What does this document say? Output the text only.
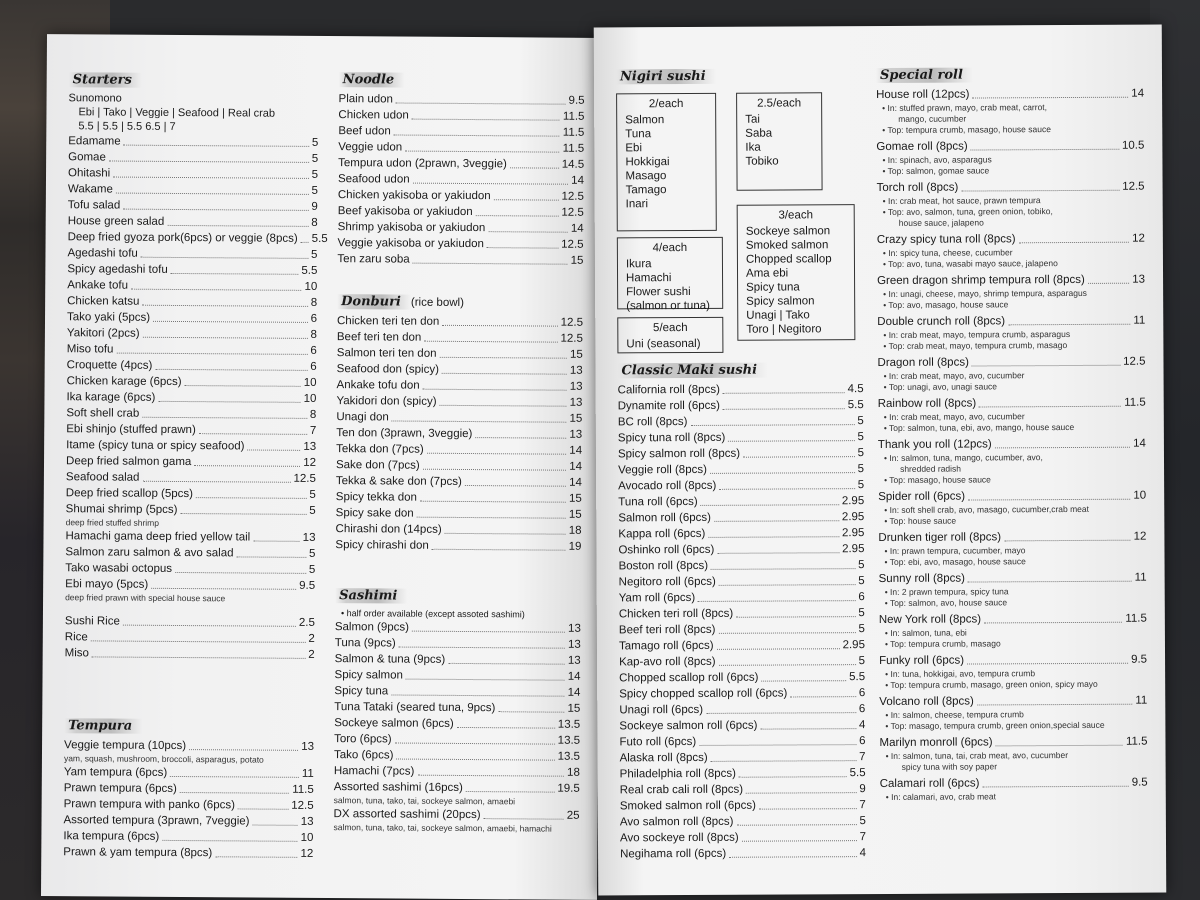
Starters
Sunomono
Ebi | Tako | Veggie | Seafood | Real crab
5.5 | 5.5 | 5.5 6.5 | 7
Edamame	5
Gomae	5
Ohitashi	5
Wakame	5
Tofu salad	9
House green salad	8
Deep fried gyoza pork(6pcs) or veggie (8pcs) 5.5
Agedashi tofu	5
Spicy agedashi tofu	5.5
Ankake tofu	10
Chicken katsu	8
Tako yaki (5pcs)	6
Yakitori (2pcs)	8
Miso tofu	6
Croquette (4pcs)	6
Chicken karage (6pcs)	10
Ika karage (6pcs)	10
Soft shell crab	8
Ebi shinjo (stuffed prawn)	7
Itame (spicy tuna or spicy seafood)	13
Deep fried salmon gama	12
Seafood salad	12.5
Deep fried scallop (5pcs)	5
Shumai shrimp (5pcs)	5
deep fried stuffed shrimp
Hamachi gama deep fried yellow tail	13
Salmon zaru salmon & avo salad	5
Tako wasabi octopus	5
Ebi mayo (5pcs)	9.5
deep fried prawn with special house sauce
Sushi Rice	2.5
Rice	2
Miso	2
Tempura
Veggie tempura (10pcs)	13
yam, squash, mushroom, broccoli, asparagus, potato
Yam tempura (6pcs)	11
Prawn tempura (6pcs)	11.5
Prawn tempura with panko (6pcs)	12.5
Assorted tempura (3prawn, 7veggie)	13
Ika tempura (6pcs)	10
Prawn & yam tempura (8pcs)	12
Noodle
Plain udon	9.5
Chicken udon	11.5
Beef udon	11.5
Veggie udon	11.5
Tempura udon (2prawn, 3veggie)	14.5
Seafood udon	14
Chicken yakisoba or yakiudon	12.5
Beef yakisoba or yakiudon	12.5
Shrimp yakisoba or yakiudon	14
Veggie yakisoba or yakiudon	12.5
Ten zaru soba	15
Donburi (rice bowl)
Chicken teri ten don	12.5
Beef teri ten don	12.5
Salmon teri ten don	15
Seafood don (spicy)	13
Ankake tofu don	13
Yakidori don (spicy)	13
Unagi don	15
Ten don (3prawn, 3veggie)	13
Tekka don (7pcs)	14
Sake don (7pcs)	14
Tekka & sake don (7pcs)	14
Spicy tekka don	15
Spicy sake don	15
Chirashi don (14pcs)	18
Spicy chirashi don	19
Sashimi
• half order available (except assoted sashimi)
Salmon (9pcs)	13
Tuna (9pcs)	13
Salmon & tuna (9pcs)	13
Spicy salmon	14
Spicy tuna	14
Tuna Tataki (seared tuna, 9pcs)	15
Sockeye salmon (6pcs)	13.5
Toro (6pcs)	13.5
Tako (6pcs)	13.5
Hamachi (7pcs)	18
Assorted sashimi (16pcs)	19.5
salmon, tuna, tako, tai, sockeye salmon, amaebi
DX assorted sashimi (20pcs)	25
salmon, tuna, tako, tai, sockeye salmon, amaebi, hamachi
Nigiri sushi
2/each
Salmon
Tuna
Ebi
Hokkigai
Masago
Tamago
Inari
2.5/each
Tai
Saba
Ika
Tobiko
4/each
Ikura
Hamachi
Flower sushi
(salmon or tuna)
3/each
Sockeye salmon
Smoked salmon
Chopped scallop
Ama ebi
Spicy tuna
Spicy salmon
Unagi | Tako
Toro | Negitoro
5/each
Uni (seasonal)
Classic Maki sushi
California roll (8pcs)	4.5
Dynamite roll (6pcs)	5.5
BC roll (8pcs)	5
Spicy tuna roll (8pcs)	5
Spicy salmon roll (8pcs)	5
Veggie roll (8pcs)	5
Avocado roll (8pcs)	5
Tuna roll (6pcs)	2.95
Salmon roll (6pcs)	2.95
Kappa roll (6pcs)	2.95
Oshinko roll (6pcs)	2.95
Boston roll (8pcs)	5
Negitoro roll (6pcs)	5
Yam roll (6pcs)	6
Chicken teri roll (8pcs)	5
Beef teri roll (8pcs)	5
Tamago roll (6pcs)	2.95
Kap-avo roll (8pcs)	5
Chopped scallop roll (6pcs)	5.5
Spicy chopped scallop roll (6pcs)	6
Unagi roll (6pcs)	6
Sockeye salmon roll (6pcs)	4
Futo roll (6pcs)	6
Alaska roll (8pcs)	7
Philadelphia roll (8pcs)	5.5
Real crab cali roll (8pcs)	9
Smoked salmon roll (6pcs)	7
Avo salmon roll (8pcs)	5
Avo sockeye roll (8pcs)	7
Negihama roll (6pcs)	4
Special roll
House roll (12pcs)	14
• In: stuffed prawn, mayo, crab meat, carrot,
mango, cucumber
• Top: tempura crumb, masago, house sauce
Gomae roll (8pcs)	10.5
• In: spinach, avo, asparagus
• Top: salmon, gomae sauce
Torch roll (8pcs)	12.5
• In: crab meat, hot sauce, prawn tempura
• Top: avo, salmon, tuna, green onion, tobiko,
house sauce, jalapeno
Crazy spicy tuna roll (8pcs)	12
• In: spicy tuna, cheese, cucumber
• Top: avo, tuna, wasabi mayo sauce, jalapeno
Green dragon shrimp tempura roll (8pcs)	13
• In: unagi, cheese, mayo, shrimp tempura, asparagus
• Top: avo, masago, house sauce
Double crunch roll (8pcs)	11
• In: crab meat, mayo, tempura crumb, asparagus
• Top: crab meat, mayo, tempura crumb, masago
Dragon roll (8pcs)	12.5
• In: crab meat, mayo, avo, cucumber
• Top: unagi, avo, unagi sauce
Rainbow roll (8pcs)	11.5
• In: crab meat, mayo, avo, cucumber
• Top: salmon, tuna, ebi, avo, mango, house sauce
Thank you roll (12pcs)	14
• In: salmon, tuna, mango, cucumber, avo,
shredded radish
• Top: masago, house sauce
Spider roll (6pcs)	10
• In: soft shell crab, avo, masago, cucumber,crab meat
• Top: house sauce
Drunken tiger roll (8pcs)	12
• In: prawn tempura, cucumber, mayo
• Top: ebi, avo, masago, house sauce
Sunny roll (8pcs)	11
• In: 2 prawn tempura, spicy tuna
• Top: salmon, avo, house sauce
New York roll (8pcs)	11.5
• In: salmon, tuna, ebi
• Top: tempura crumb, masago
Funky roll (6pcs)	9.5
• In: tuna, hokkigai, avo, tempura crumb
• Top: tempura crumb, masago, green onion, spicy mayo
Volcano roll (8pcs)	11
• In: salmon, cheese, tempura crumb
• Top: masago, tempura crumb, green onion,special sauce
Marilyn monroll (6pcs)	11.5
• In: salmon, tuna, tai, crab meat, avo, cucumber
spicy tuna with soy paper
Calamari roll (6pcs)	9.5
• In: calamari, avo, crab meat
